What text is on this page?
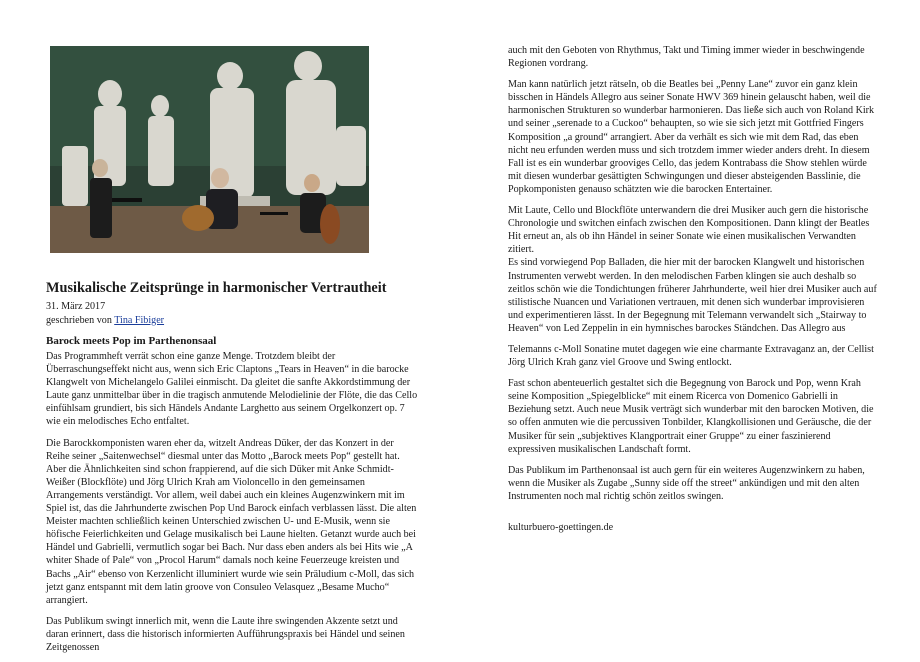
Musikalische Zeitsprünge in harmonischer Vertrautheit
31. März 2017
geschrieben von Tina Fibiger
Barock meets Pop im Parthenonsaal

Das Programmheft verrät schon eine ganze Menge. Trotzdem bleibt der Überraschungseffekt nicht aus, wenn sich Eric Claptons „Tears in Heaven“ in die barocke Klangwelt von Michelangelo Galilei einmischt. Da gleitet die sanfte Akkordstimmung der Laute ganz unmittelbar über in die tragisch anmutende Melodielinie der Flöte, die das Cello einfühlsam grundiert, bis sich Händels Andante Larghetto aus seinem Orgelkonzert op. 7 wie ein melodisches Echo entfaltet.

Die Barockkomponisten waren eher da, witzelt Andreas Düker, der das Konzert in der Reihe seiner „Saitenwechsel“ diesmal unter das Motto „Barock meets Pop“ gestellt hat. Aber die Ähnlichkeiten sind schon frappierend, auf die sich Düker mit Anke Schmidt-Weißer (Blockflöte) und Jörg Ulrich Krah am Violoncello in den gemeinsamen Arrangements verständigt. Vor allem, weil dabei auch ein kleines Augenzwinkern mit im Spiel ist, das die Jahrhunderte zwischen Pop Und Barock einfach verblassen lässt. Die alten Meister machten schließlich keinen Unterschied zwischen U- und E-Musik, wenn sie höfische Feierlichkeiten und Gelage musikalisch bei Laune hielten. Getanzt wurde auch bei Händel und Gabrielli, vermutlich sogar bei Bach. Nur dass eben anders als bei Hits wie „A whiter Shade of Pale“ von „Procol Harum“ damals noch keine Feuerzeuge kreisten und Bachs „Air“ ebenso von Kerzenlicht illuminiert wurde wie sein Präludium c-Moll, das sich jetzt ganz entspannt mit dem latin groove von Consuleo Velasquez „Besame Mucho“ arrangiert.

Das Publikum swingt innerlich mit, wenn die Laute ihre swingenden Akzente setzt und daran erinnert, dass die historisch informierten Aufführungspraxis bei Händel und seinen Zeitgenossen

auch mit den Geboten von Rhythmus, Takt und Timing immer wieder in beschwingende Regionen vordrang.

Man kann natürlich jetzt rätseln, ob die Beatles bei „Penny Lane“ zuvor ein ganz klein bisschen in Händels Allegro aus seiner Sonate HWV 369 hinein gelauscht haben, weil die harmonischen Strukturen so wunderbar harmonieren. Das ließe sich auch von Roland Kirk und seiner „serenade to a Cuckoo“ behaupten, so wie sie sich jetzt mit Gottfried Fingers Komposition „a ground“ arrangiert. Aber da verhält es sich wie mit dem Rad, das eben nicht neu erfunden werden muss und sich trotzdem immer wieder anders dreht. In diesem Fall ist es ein wunderbar grooviges Cello, das jedem Kontrabass die Show stehlen würde mit diesen wunderbar gesättigten Schwingungen und dieser absteigenden Basslinie, die Popkomponisten genauso schätzten wie die barocken Entertainer.

Mit Laute, Cello und Blockflöte unterwandern die drei Musiker auch gern die historische Chronologie und switchen einfach zwischen den Kompositionen. Dann klingt der Beatles Hit erneut an, als ob ihn Händel in seiner Sonate wie einen musikalischen Verwandten zitiert.
Es sind vorwiegend Pop Balladen, die hier mit der barocken Klangwelt und historischen Instrumenten verwebt werden. In den melodischen Farben klingen sie auch deshalb so zeitlos schön wie die Tondichtungen früherer Jahrhunderte, weil hier drei Musiker auch auf stilistische Nuancen und Variationen vertrauen, mit denen sich wunderbar improvisieren und experimentieren lässt. In der Begegnung mit Telemann verwandelt sich „Stairway to Heaven“ von Led Zeppelin in ein hymnisches barockes Ständchen. Das Allegro aus

Telemanns c-Moll Sonatine mutet dagegen wie eine charmante Extravaganz an, der Cellist Jörg Ulrich Krah ganz viel Groove und Swing entlockt.

Fast schon abenteuerlich gestaltet sich die Begegnung von Barock und Pop, wenn Krah seine Komposition „Spiegelblicke“ mit einem Ricerca von Domenico Gabrielli in Beziehung setzt. Auch neue Musik verträgt sich wunderbar mit den barocken Motiven, die so offen anmuten wie die percussiven Tonbilder, Klangkollisionen und Geräusche, die der Musiker für sein „subjektives Klangportrait einer Gruppe“ zu einer faszinierend expressiven musikalischen Landschaft formt.

Das Publikum im Parthenonsaal ist auch gern für ein weiteres Augenzwinkern zu haben, wenn die Musiker als Zugabe „Sunny side off the street“ ankündigen und mit den alten Instrumenten noch mal richtig schön zeitlos swingen.

kulturbuero-goettingen.de
